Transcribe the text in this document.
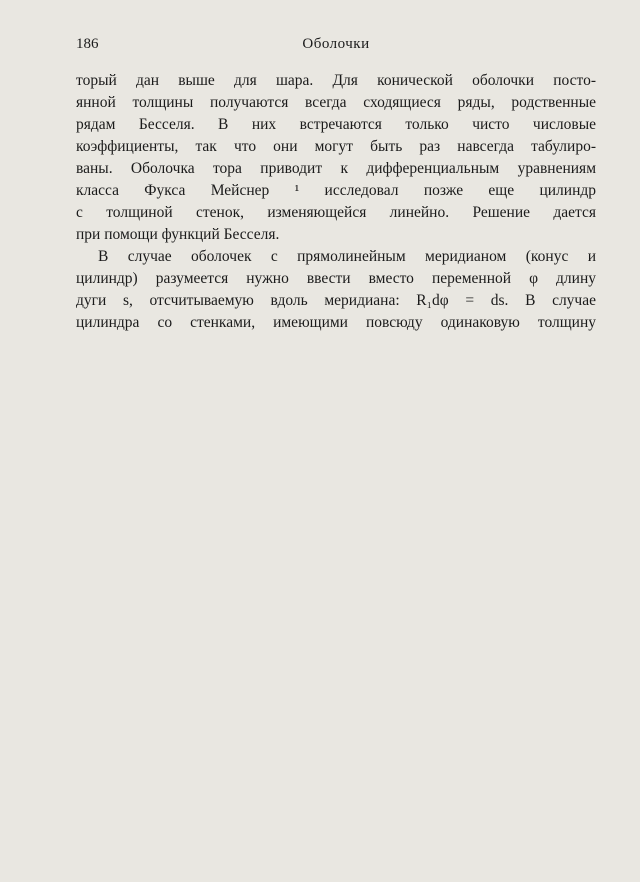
186	Оболочки
торый дан выше для шара. Для конической оболочки посто-
янной толщины получаются всегда сходящиеся ряды, родственные
рядам Бесселя. В них встречаются только чисто числовые
коэффициенты, так что они могут быть раз навсегда табулиро-
ваны. Оболочка тора приводит к дифференциальным уравнениям
класса Фукса Мейснер ¹ исследовал позже еще цилиндр
с толщиной стенок, изменяющейся линейно. Решение дается
при помощи функций Бесселя.
В случае оболочек с прямолинейным меридианом (конус и
цилиндр) разумеется нужно ввести вместо переменной φ длину
дуги s, отсчитываемую вдоль меридиана: R₁dφ = ds. В случае
цилиндра со стенками, имеющими повсюду одинаковую толщину
